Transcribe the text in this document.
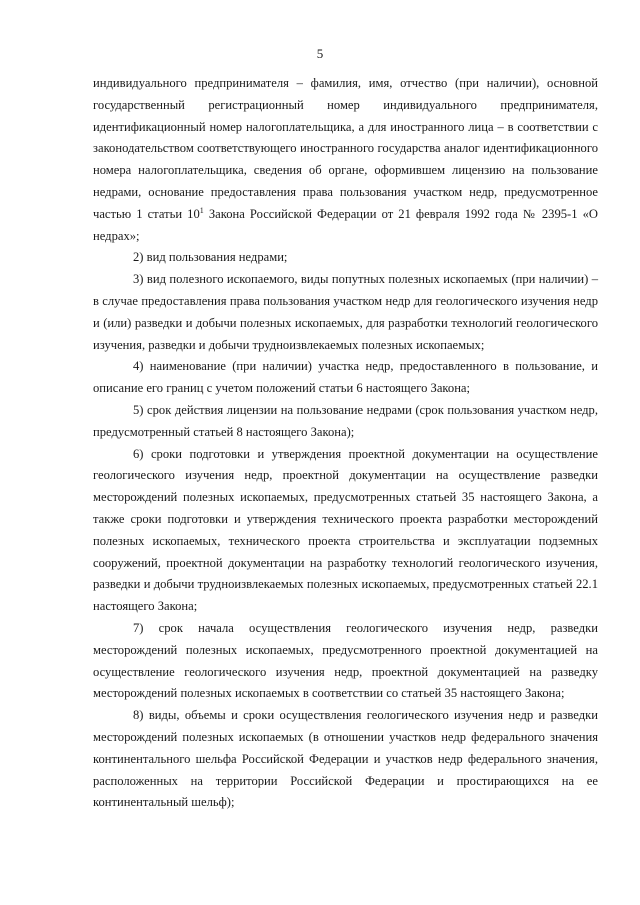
5

индивидуального предпринимателя – фамилия, имя, отчество (при наличии), основной государственный регистрационный номер индивидуального предпринимателя, идентификационный номер налогоплательщика, а для иностранного лица – в соответствии с законодательством соответствующего иностранного государства аналог идентификационного номера налогоплательщика, сведения об органе, оформившем лицензию на пользование недрами, основание предоставления права пользования участком недр, предусмотренное частью 1 статьи $10^1$ Закона Российской Федерации от 21 февраля 1992 года № 2395-1 «О недрах»;

2) вид пользования недрами;

3) вид полезного ископаемого, виды попутных полезных ископаемых (при наличии) – в случае предоставления права пользования участком недр для геологического изучения недр и (или) разведки и добычи полезных ископаемых, для разработки технологий геологического изучения, разведки и добычи трудноизвлекаемых полезных ископаемых;

4) наименование (при наличии) участка недр, предоставленного в пользование, и описание его границ с учетом положений статьи 6 настоящего Закона;

5) срок действия лицензии на пользование недрами (срок пользования участком недр, предусмотренный статьей 8 настоящего Закона);

6) сроки подготовки и утверждения проектной документации на осуществление геологического изучения недр, проектной документации на осуществление разведки месторождений полезных ископаемых, предусмотренных статьей 35 настоящего Закона, а также сроки подготовки и утверждения технического проекта разработки месторождений полезных ископаемых, технического проекта строительства и эксплуатации подземных сооружений, проектной документации на разработку технологий геологического изучения, разведки и добычи трудноизвлекаемых полезных ископаемых, предусмотренных статьей 22.1 настоящего Закона;

7) срок начала осуществления геологического изучения недр, разведки месторождений полезных ископаемых, предусмотренного проектной документацией на осуществление геологического изучения недр, проектной документацией на разведку месторождений полезных ископаемых в соответствии со статьей 35 настоящего Закона;

8) виды, объемы и сроки осуществления геологического изучения недр и разведки месторождений полезных ископаемых (в отношении участков недр федерального значения континентального шельфа Российской Федерации и участков недр федерального значения, расположенных на территории Российской Федерации и простирающихся на ее континентальный шельф);
